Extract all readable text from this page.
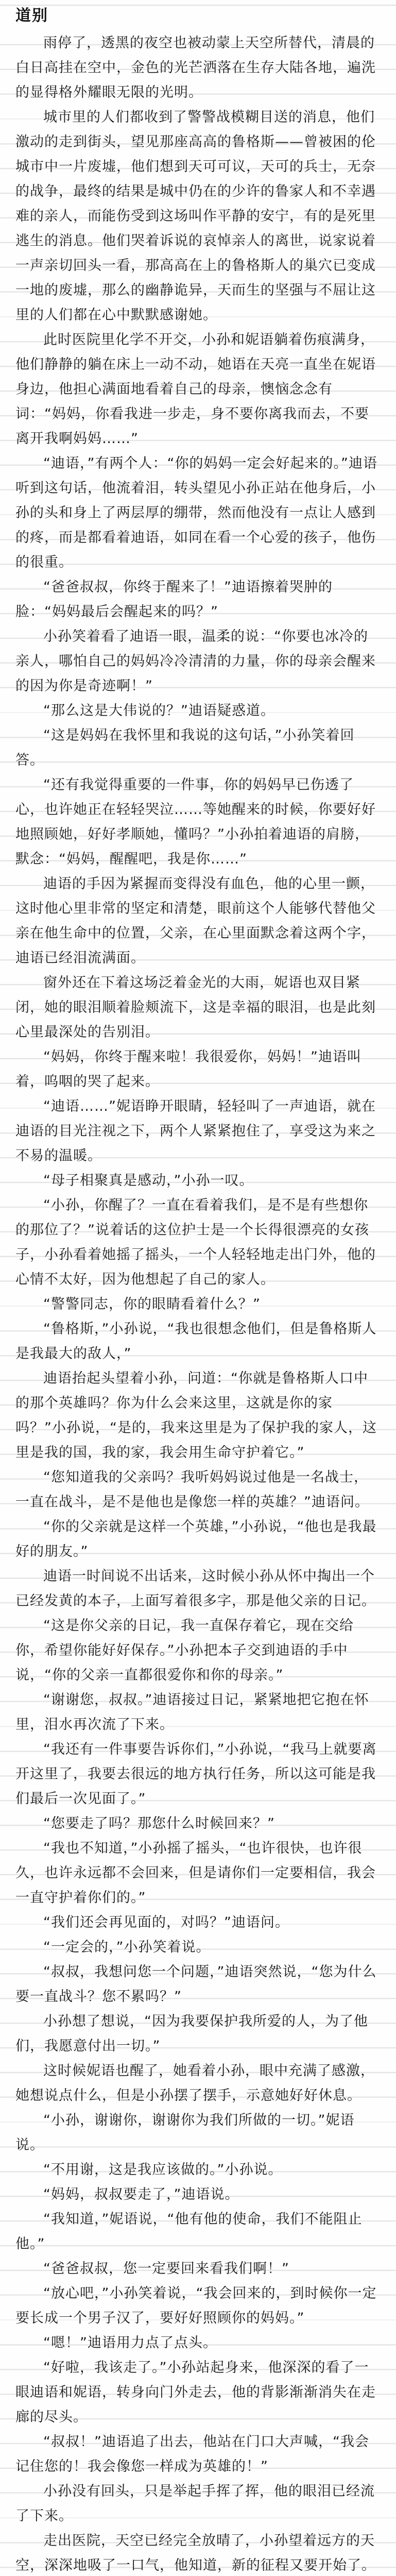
道别

雨停了，透黑的夜空也被动蒙上天空所替代，清晨的白日高挂在空中，金色的光芒洒落在生存大陆各地，遍洗的显得格外耀眼无限的光明。

城市里的人们都收到了警警战模糊目送的消息，他们激动的走到街头，望见那座高高的鲁格斯——曾被困的伦城市中一片废墟，他们想到天可可议，天可的兵士，无奈的战争，最终的结果是城中仍在的少许的鲁家人和不幸遇难的亲人，而能伤受到这场叫作平静的安宁，有的是死里逃生的消息。他们哭着诉说的哀悼亲人的离世，说家说着一声亲切回头一看，那高高在上的鲁格斯人的巢穴已变成一地的废墟，那么的幽静诡异，天而生的坚强与不屈让这里的人们都在心中默默感谢她。

此时医院里化学不开交，小孙和妮语躺着伤痕满身，他们静静的躺在床上一动不动，她语在天亮一直坐在妮语身边，他担心满面地看着自己的母亲，懊恼念念有词：“妈妈，你看我进一步走，身不要你离我而去，不要离开我啊妈妈……”

“迪语，”有两个人：“你的妈妈一定会好起来的。”迪语听到这句话，他流着泪，转头望见小孙正站在他身后，小孙的头和身上了两层厚的绷带，然而他没有一点让人感到的疼，而是都看着迪语，如同在看一个心爱的孩子，他伤的很重。

“爸爸叔叔，你终于醒来了！”迪语擦着哭肿的脸：“妈妈最后会醒起来的吗？”

小孙笑着看了迪语一眼，温柔的说：“你要也冰冷的亲人，哪怕自己的妈妈冷冷清清的力量，你的母亲会醒来的因为你是奇迹啊！”

“那么这是大伟说的？”迪语疑惑道。

“这是妈妈在我怀里和我说的这句话，”小孙笑着回答。

“还有我觉得重要的一件事，你的妈妈早已伤透了心，也许她正在轻轻哭泣……等她醒来的时候，你要好好地照顾她，好好孝顺她，懂吗？”小孙拍着迪语的肩膀，默念：“妈妈，醒醒吧，我是你……”

迪语的手因为紧握而变得没有血色，他的心里一颤，这时他心里非常的坚定和清楚，眼前这个人能够代替他父亲在他生命中的位置，父亲，在心里面默念着这两个字，迪语已经泪流满面。

窗外还在下着这场泛着金光的大雨，妮语也双目紧闭，她的眼泪顺着脸颊流下，这是幸福的眼泪，也是此刻心里最深处的告别泪。

“妈妈，你终于醒来啦！我很爱你，妈妈！”迪语叫着，呜咽的哭了起来。

“迪语……”妮语睁开眼睛，轻轻叫了一声迪语，就在迪语的目光注视之下，两个人紧紧抱住了，享受这为来之不易的温暖。

“母子相聚真是感动，”小孙一叹。

“小孙，你醒了？一直在看着我们，是不是有些想你的那位了？”说着话的这位护士是一个长得很漂亮的女孩子，小孙看着她摇了摇头，一个人轻轻地走出门外，他的心情不太好，因为他想起了自己的家人。

“警警同志，你的眼睛看着什么？”

“鲁格斯，”小孙说，“我也很想念他们，但是鲁格斯人是我最大的敌人，”

迪语抬起头望着小孙，问道：“你就是鲁格斯人口中的那个英雄吗？你为什么会来这里，这就是你的家吗？”小孙说，“是的，我来这里是为了保护我的家人，这里是我的国，我的家，我会用生命守护着它。”

“您知道我的父亲吗？我听妈妈说过他是一名战士，一直在战斗，是不是他也是像您一样的英雄？”迪语问。

“你的父亲就是这样一个英雄，”小孙说，“他也是我最好的朋友。”

迪语一时间说不出话来，这时候小孙从怀中掏出一个已经发黄的本子，上面写着很多字，那是他父亲的日记。

“这是你父亲的日记，我一直保存着它，现在交给你，希望你能好好保存。”小孙把本子交到迪语的手中说，“你的父亲一直都很爱你和你的母亲。”

“谢谢您，叔叔。”迪语接过日记，紧紧地把它抱在怀里，泪水再次流了下来。

“我还有一件事要告诉你们，”小孙说，“我马上就要离开这里了，我要去很远的地方执行任务，所以这可能是我们最后一次见面了。”

“您要走了吗？那您什么时候回来？”

“我也不知道，”小孙摇了摇头，“也许很快，也许很久，也许永远都不会回来，但是请你们一定要相信，我会一直守护着你们的。”

“我们还会再见面的，对吗？”迪语问。

“一定会的，”小孙笑着说。

“叔叔，我想问您一个问题，”迪语突然说，“您为什么要一直战斗？您不累吗？”

小孙想了想说，“因为我要保护我所爱的人，为了他们，我愿意付出一切。”

这时候妮语也醒了，她看着小孙，眼中充满了感激，她想说点什么，但是小孙摆了摆手，示意她好好休息。

“小孙，谢谢你，谢谢你为我们所做的一切。”妮语说。

“不用谢，这是我应该做的。”小孙说。

“妈妈，叔叔要走了，”迪语说。

“我知道，”妮语说，“他有他的使命，我们不能阻止他。”

“爸爸叔叔，您一定要回来看我们啊！”

“放心吧，”小孙笑着说，“我会回来的，到时候你一定要长成一个男子汉了，要好好照顾你的妈妈。”

“嗯！”迪语用力点了点头。

“好啦，我该走了。”小孙站起身来，他深深的看了一眼迪语和妮语，转身向门外走去，他的背影渐渐消失在走廊的尽头。

“叔叔！”迪语追了出去，他站在门口大声喊，“我会记住您的！我会像您一样成为英雄的！”

小孙没有回头，只是举起手挥了挥，他的眼泪已经流了下来。

走出医院，天空已经完全放晴了，小孙望着远方的天空，深深地吸了一口气，他知道，新的征程又要开始了。
